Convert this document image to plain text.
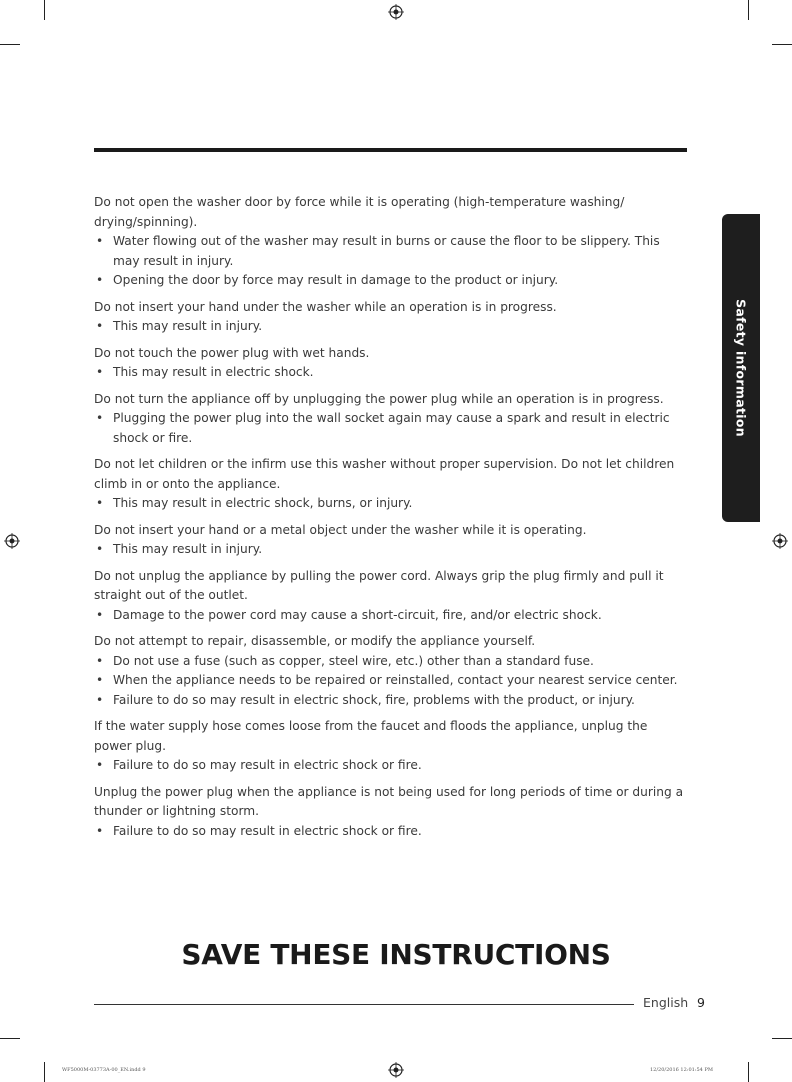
Safety information

Do not open the washer door by force while it is operating (high-temperature washing/ drying/spinning).

• Water flowing out of the washer may result in burns or cause the floor to be slippery. This may result in injury.
• Opening the door by force may result in damage to the product or injury.

Do not insert your hand under the washer while an operation is in progress.

• This may result in injury.

Do not touch the power plug with wet hands.

• This may result in electric shock.

Do not turn the appliance off by unplugging the power plug while an operation is in progress.

• Plugging the power plug into the wall socket again may cause a spark and result in electric shock or fire.

Do not let children or the infirm use this washer without proper supervision. Do not let children climb in or onto the appliance.

• This may result in electric shock, burns, or injury.

Do not insert your hand or a metal object under the washer while it is operating.

• This may result in injury.

Do not unplug the appliance by pulling the power cord. Always grip the plug firmly and pull it straight out of the outlet.

• Damage to the power cord may cause a short-circuit, fire, and/or electric shock.

Do not attempt to repair, disassemble, or modify the appliance yourself.

• Do not use a fuse (such as copper, steel wire, etc.) other than a standard fuse.
• When the appliance needs to be repaired or reinstalled, contact your nearest service center.
• Failure to do so may result in electric shock, fire, problems with the product, or injury.

If the water supply hose comes loose from the faucet and floods the appliance, unplug the power plug.

• Failure to do so may result in electric shock or fire.

Unplug the power plug when the appliance is not being used for long periods of time or during a thunder or lightning storm.

• Failure to do so may result in electric shock or fire.
SAVE THESE INSTRUCTIONS
English 9
WF5000M-03773A-00_EN.indd 9	12/20/2016 12:01:54 PM
